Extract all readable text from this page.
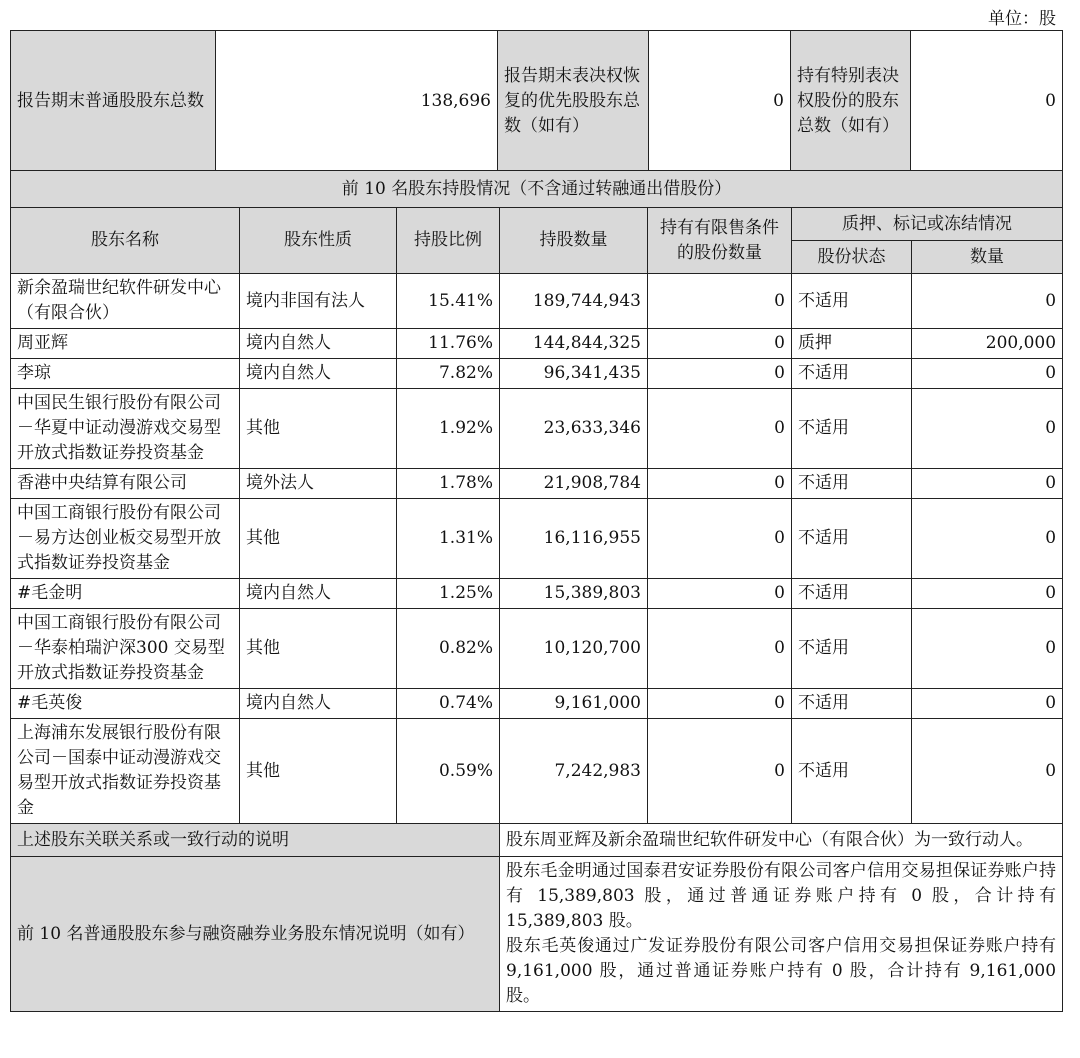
单位：股
报告期末普通股股东总数	138,696	报告期末表决权恢复的优先股股东总数（如有）	0	持有特别表决权股份的股东总数（如有）	0
前 10 名股东持股情况（不含通过转融通出借股份）						
股东名称	股东性质	持股比例	持股数量	持有有限售条件的股份数量	质押、标记或冻结情况	
					股份状态	数量
新余盈瑞世纪软件研发中心（有限合伙）	境内非国有法人	15.41%	189,744,943	0	不适用	0
周亚辉	境内自然人	11.76%	144,844,325	0	质押	200,000
李琼	境内自然人	7.82%	96,341,435	0	不适用	0
中国民生银行股份有限公司－华夏中证动漫游戏交易型开放式指数证券投资基金	其他	1.92%	23,633,346	0	不适用	0
香港中央结算有限公司	境外法人	1.78%	21,908,784	0	不适用	0
中国工商银行股份有限公司－易方达创业板交易型开放式指数证券投资基金	其他	1.31%	16,116,955	0	不适用	0
#毛金明	境内自然人	1.25%	15,389,803	0	不适用	0
中国工商银行股份有限公司－华泰柏瑞沪深300 交易型开放式指数证券投资基金	其他	0.82%	10,120,700	0	不适用	0
#毛英俊	境内自然人	0.74%	9,161,000	0	不适用	0
上海浦东发展银行股份有限公司－国泰中证动漫游戏交易型开放式指数证券投资基金	其他	0.59%	7,242,983	0	不适用	0
上述股东关联关系或一致行动的说明			股东周亚辉及新余盈瑞世纪软件研发中心（有限合伙）为一致行动人。			
前 10 名普通股股东参与融资融券业务股东情况说明（如有）			股东毛金明通过国泰君安证券股份有限公司客户信用交易担保证券账户持有 15,389,803 股，通过普通证券账户持有 0 股，合计持有 15,389,803 股。
股东毛英俊通过广发证券股份有限公司客户信用交易担保证券账户持有 9,161,000 股，通过普通证券账户持有 0 股，合计持有 9,161,000 股。			
